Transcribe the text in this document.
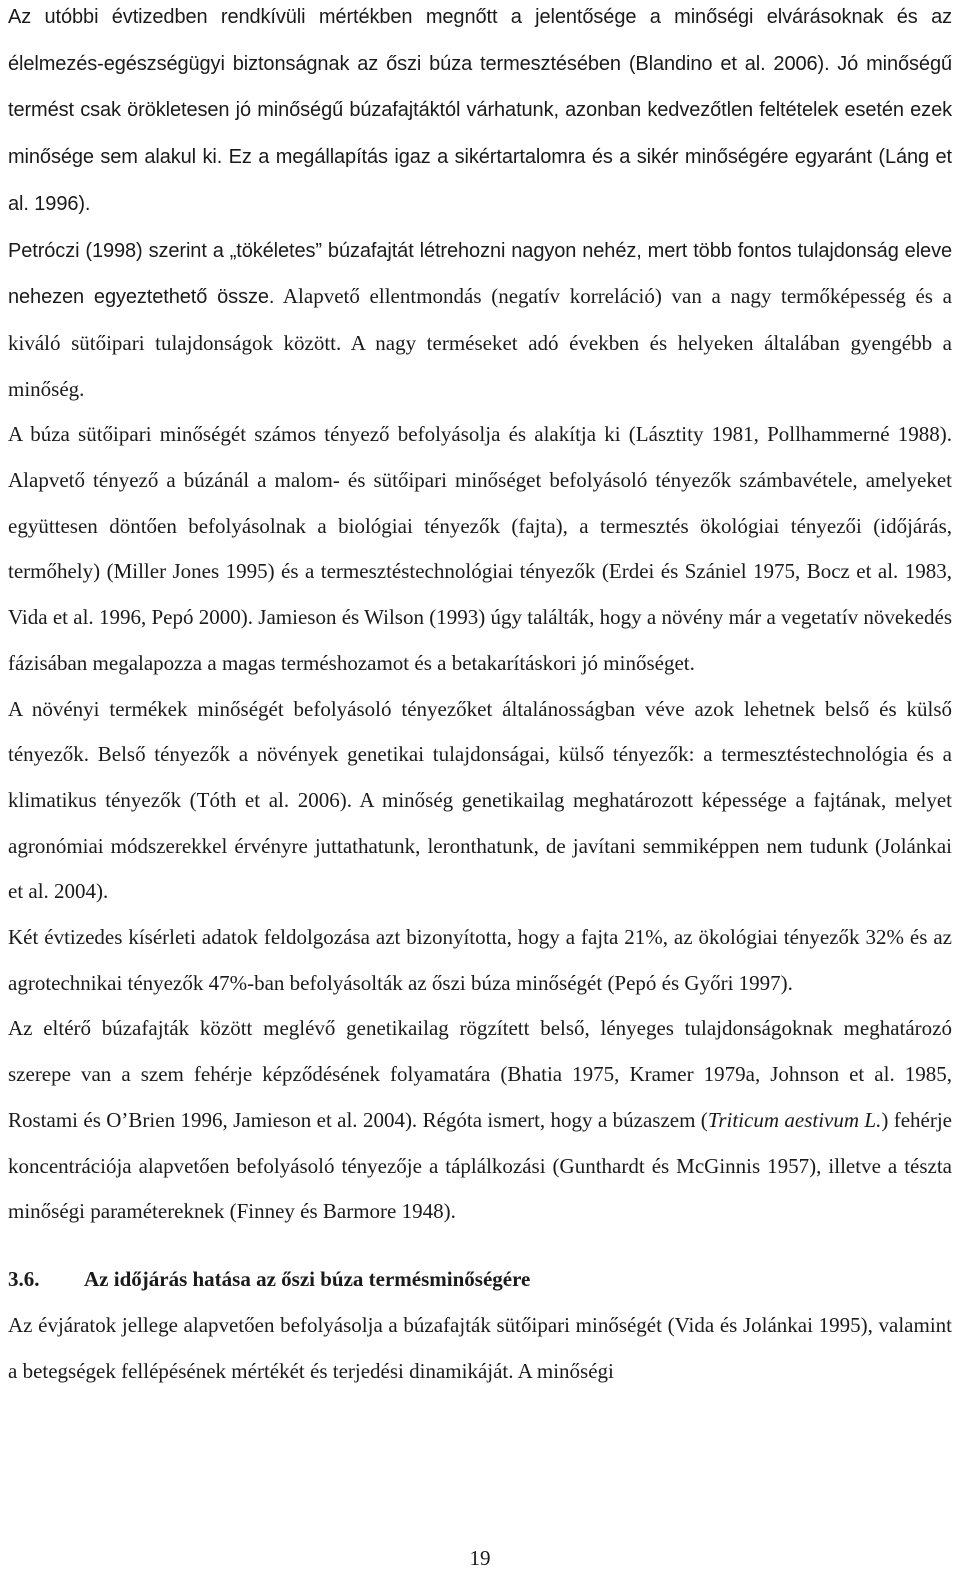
Az utóbbi évtizedben rendkívüli mértékben megnőtt a jelentősége a minőségi elvárásoknak és az élelmezés-egészségügyi biztonságnak az őszi búza termesztésében (Blandino et al. 2006). Jó minőségű termést csak örökletesen jó minőségű búzafajtáktól várhatunk, azonban kedvezőtlen feltételek esetén ezek minősége sem alakul ki. Ez a megállapítás igaz a sikértartalomra és a sikér minőségére egyaránt (Láng et al. 1996).

Petróczi (1998) szerint a „tökéletes” búzafajtát létrehozni nagyon nehéz, mert több fontos tulajdonság eleve nehezen egyeztethető össze. Alapvető ellentmondás (negatív korreláció) van a nagy termőképesség és a kiváló sütőipari tulajdonságok között. A nagy terméseket adó években és helyeken általában gyengébb a minőség.

A búza sütőipari minőségét számos tényező befolyásolja és alakítja ki (Lásztity 1981, Pollhammerné 1988). Alapvető tényező a búzánál a malom- és sütőipari minőséget befolyásoló tényezők számbavétele, amelyeket együttesen döntően befolyásolnak a biológiai tényezők (fajta), a termesztés ökológiai tényezői (időjárás, termőhely) (Miller Jones 1995) és a termesztéstechnológiai tényezők (Erdei és Szániel 1975, Bocz et al. 1983, Vida et al. 1996, Pepó 2000). Jamieson és Wilson (1993) úgy találták, hogy a növény már a vegetatív növekedés fázisában megalapozza a magas terméshozamot és a betakarításkori jó minőséget.

A növényi termékek minőségét befolyásoló tényezőket általánosságban véve azok lehetnek belső és külső tényezők. Belső tényezők a növények genetikai tulajdonságai, külső tényezők: a termesztéstechnológia és a klimatikus tényezők (Tóth et al. 2006). A minőség genetikailag meghatározott képessége a fajtának, melyet agronómiai módszerekkel érvényre juttathatunk, leronthatunk, de javítani semmiképpen nem tudunk (Jolánkai et al. 2004).

Két évtizedes kísérleti adatok feldolgozása azt bizonyította, hogy a fajta 21%, az ökológiai tényezők 32% és az agrotechnikai tényezők 47%-ban befolyásolták az őszi búza minőségét (Pepó és Győri 1997).

Az eltérő búzafajták között meglévő genetikailag rögzített belső, lényeges tulajdonságoknak meghatározó szerepe van a szem fehérje képződésének folyamatára (Bhatia 1975, Kramer 1979a, Johnson et al. 1985, Rostami és O’Brien 1996, Jamieson et al. 2004). Régóta ismert, hogy a búzaszem (Triticum aestivum L.) fehérje koncentrációja alapvetően befolyásoló tényezője a táplálkozási (Gunthardt és McGinnis 1957), illetve a tészta minőségi paramétereknek (Finney és Barmore 1948).

3.6.	Az időjárás hatása az őszi búza termésminőségére

Az évjáratok jellege alapvetően befolyásolja a búzafajták sütőipari minőségét (Vida és Jolánkai 1995), valamint a betegségek fellépésének mértékét és terjedési dinamikáját. A minőségi

19
